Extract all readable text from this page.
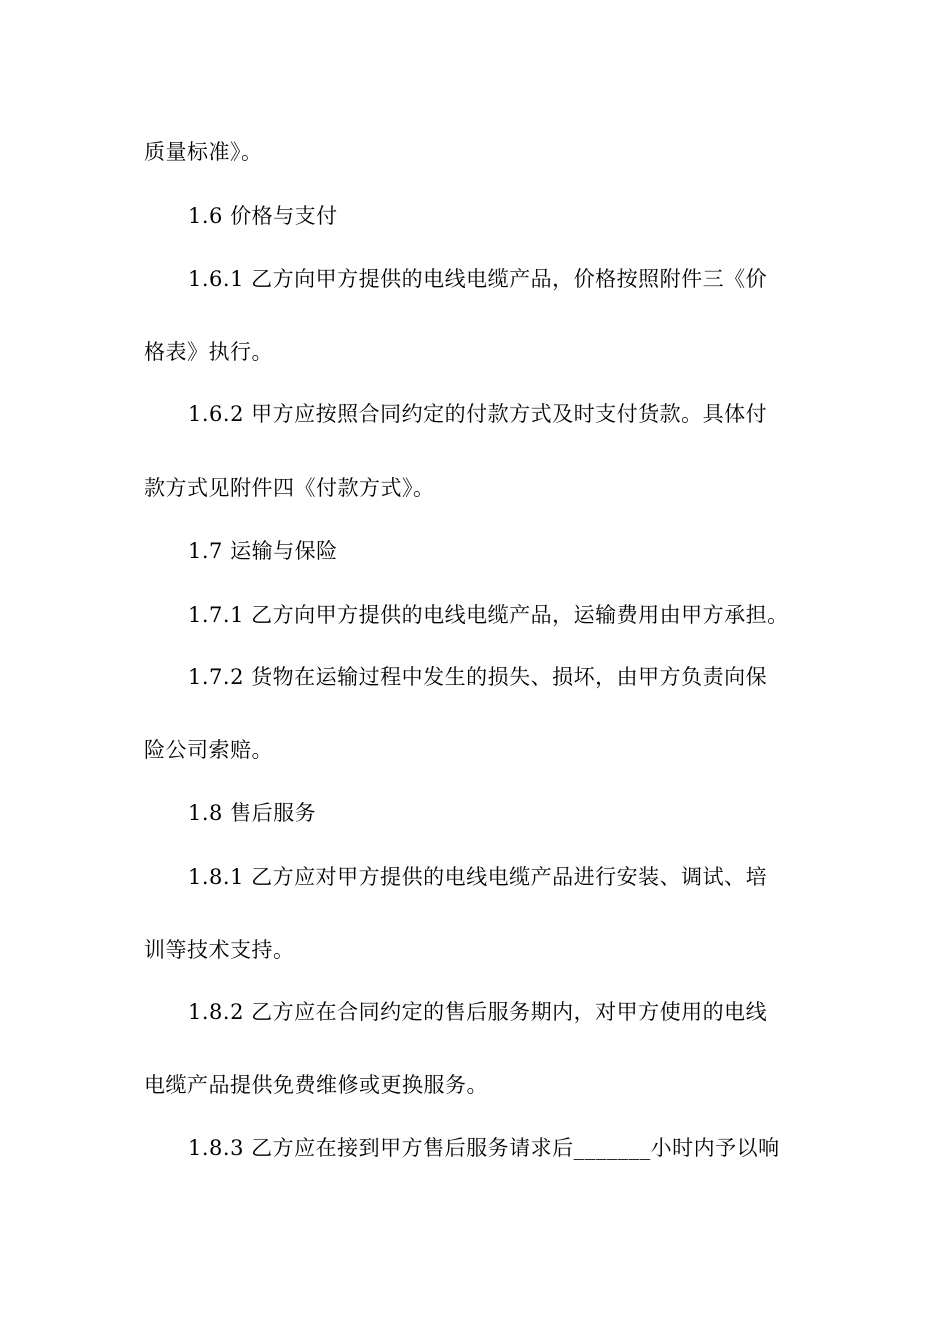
质量标准》。
1.6 价格与支付
1.6.1 乙方向甲方提供的电线电缆产品，价格按照附件三《价
格表》执行。
1.6.2 甲方应按照合同约定的付款方式及时支付货款。具体付
款方式见附件四《付款方式》。
1.7 运输与保险
1.7.1 乙方向甲方提供的电线电缆产品，运输费用由甲方承担。
1.7.2 货物在运输过程中发生的损失、损坏，由甲方负责向保
险公司索赔。
1.8 售后服务
1.8.1 乙方应对甲方提供的电线电缆产品进行安装、调试、培
训等技术支持。
1.8.2 乙方应在合同约定的售后服务期内，对甲方使用的电线
电缆产品提供免费维修或更换服务。
1.8.3 乙方应在接到甲方售后服务请求后_______小时内予以响
